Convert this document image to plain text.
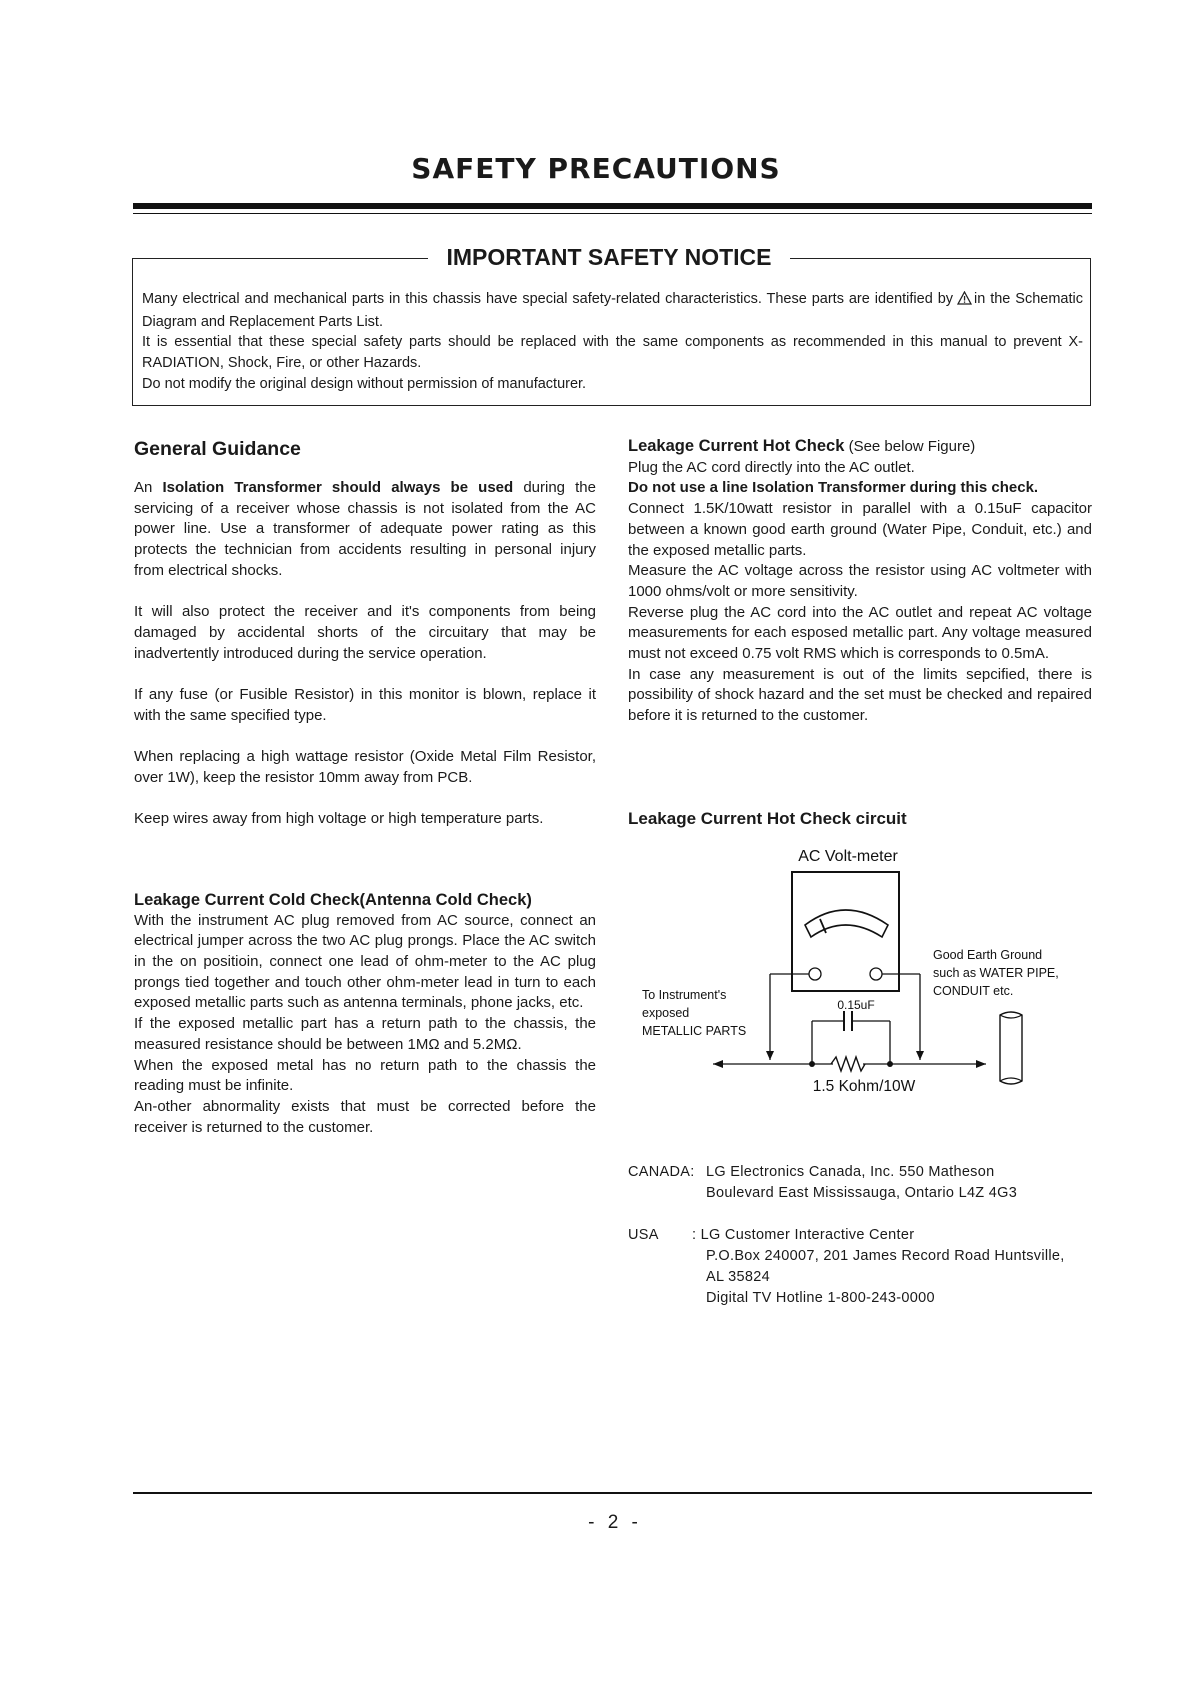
SAFETY PRECAUTIONS
IMPORTANT SAFETY NOTICE

Many electrical and mechanical parts in this chassis have special safety-related characteristics. These parts are identified by in the Schematic Diagram and Replacement Parts List.

It is essential that these special safety parts should be replaced with the same components as recommended in this manual to prevent X-RADIATION, Shock, Fire, or other Hazards.

Do not modify the original design without permission of manufacturer.

General Guidance

An Isolation Transformer should always be used during the servicing of a receiver whose chassis is not isolated from the AC power line. Use a transformer of adequate power rating as this protects the technician from accidents resulting in personal injury from electrical shocks.

It will also protect the receiver and it's components from being damaged by accidental shorts of the circuitary that may be inadvertently introduced during the service operation.

If any fuse (or Fusible Resistor) in this monitor is blown, replace it with the same specified type.

When replacing a high wattage resistor (Oxide Metal Film Resistor, over 1W), keep the resistor 10mm away from PCB.

Keep wires away from high voltage or high temperature parts.

Leakage Current Cold Check(Antenna Cold Check)

With the instrument AC plug removed from AC source, connect an electrical jumper across the two AC plug prongs. Place the AC switch in the on positioin, connect one lead of ohm-meter to the AC plug prongs tied together and touch other ohm-meter lead in turn to each exposed metallic parts such as antenna terminals, phone jacks, etc.

If the exposed metallic part has a return path to the chassis, the measured resistance should be between 1MΩ and 5.2MΩ.

When the exposed metal has no return path to the chassis the reading must be infinite.

An-other abnormality exists that must be corrected before the receiver is returned to the customer.

Leakage Current Hot Check (See below Figure)

Plug the AC cord directly into the AC outlet.

Do not use a line Isolation Transformer during this check.

Connect 1.5K/10watt resistor in parallel with a 0.15uF capacitor between a known good earth ground (Water Pipe, Conduit, etc.) and the exposed metallic parts.

Measure the AC voltage across the resistor using AC voltmeter with 1000 ohms/volt or more sensitivity.

Reverse plug the AC cord into the AC outlet and repeat AC voltage measurements for each esposed metallic part. Any voltage measured must not exceed 0.75 volt RMS which is corresponds to 0.5mA.

In case any measurement is out of the limits sepcified, there is possibility of shock hazard and the set must be checked and repaired before it is returned to the customer.

Leakage Current Hot Check circuit
AC Volt-meter
0.15uF
1.5 Kohm/10W
To Instrument's exposed METALLIC PARTS
Good Earth Ground such as WATER PIPE, CONDUIT etc.
CANADA: LG Electronics Canada, Inc. 550 Matheson
Boulevard East Mississauga, Ontario L4Z 4G3
USA	: LG Customer Interactive Center
P.O.Box 240007, 201 James Record Road Huntsville,
AL 35824
Digital TV Hotline 1-800-243-0000
- 2 -
